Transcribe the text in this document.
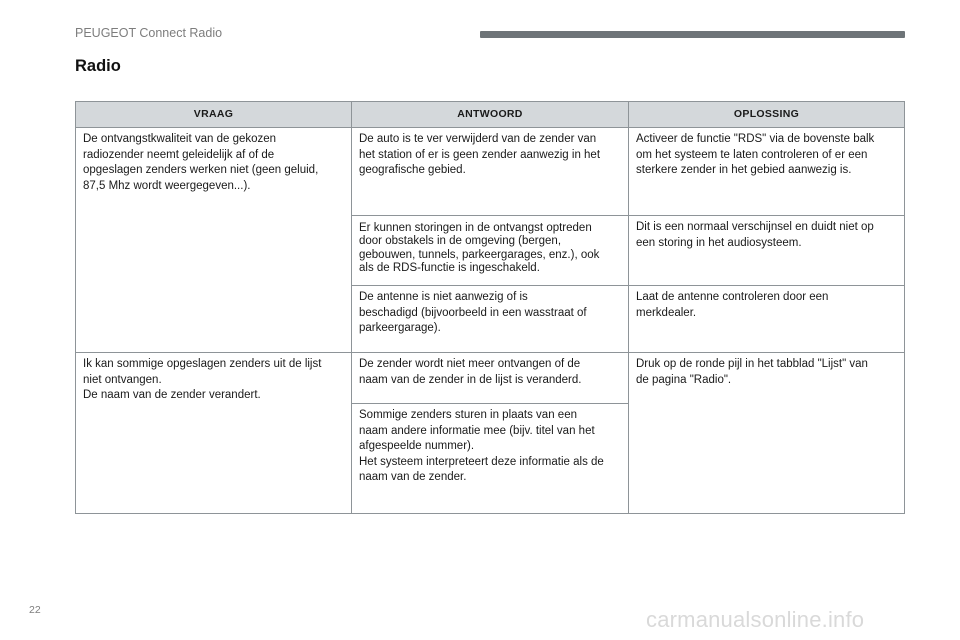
PEUGEOT Connect Radio
Radio
VRAAG	ANTWOORD	OPLOSSING

De ontvangstkwaliteit van de gekozen
radiozender neemt geleidelijk af of de
opgeslagen zenders werken niet (geen geluid,
87,5 Mhz wordt weergegeven...).	De auto is te ver verwijderd van de zender van
het station of er is geen zender aanwezig in het
geografische gebied.	Activeer de functie "RDS" via de bovenste balk
om het systeem te laten controleren of er een
sterkere zender in het gebied aanwezig is.

	Er kunnen storingen in de ontvangst optreden
door obstakels in de omgeving (bergen,
gebouwen, tunnels, parkeergarages, enz.), ook
als de RDS-functie is ingeschakeld.	Dit is een normaal verschijnsel en duidt niet op
een storing in het audiosysteem.

	De antenne is niet aanwezig of is
beschadigd (bijvoorbeeld in een wasstraat of
parkeergarage).	Laat de antenne controleren door een
merkdealer.

Ik kan sommige opgeslagen zenders uit de lijst
niet ontvangen.
De naam van de zender verandert.	De zender wordt niet meer ontvangen of de
naam van de zender in de lijst is veranderd.	Druk op de ronde pijl in het tabblad "Lijst" van
de pagina "Radio".

	Sommige zenders sturen in plaats van een
naam andere informatie mee (bijv. titel van het
afgespeelde nummer).
Het systeem interpreteert deze informatie als de
naam van de zender.	
22	carmanualsonline.info
